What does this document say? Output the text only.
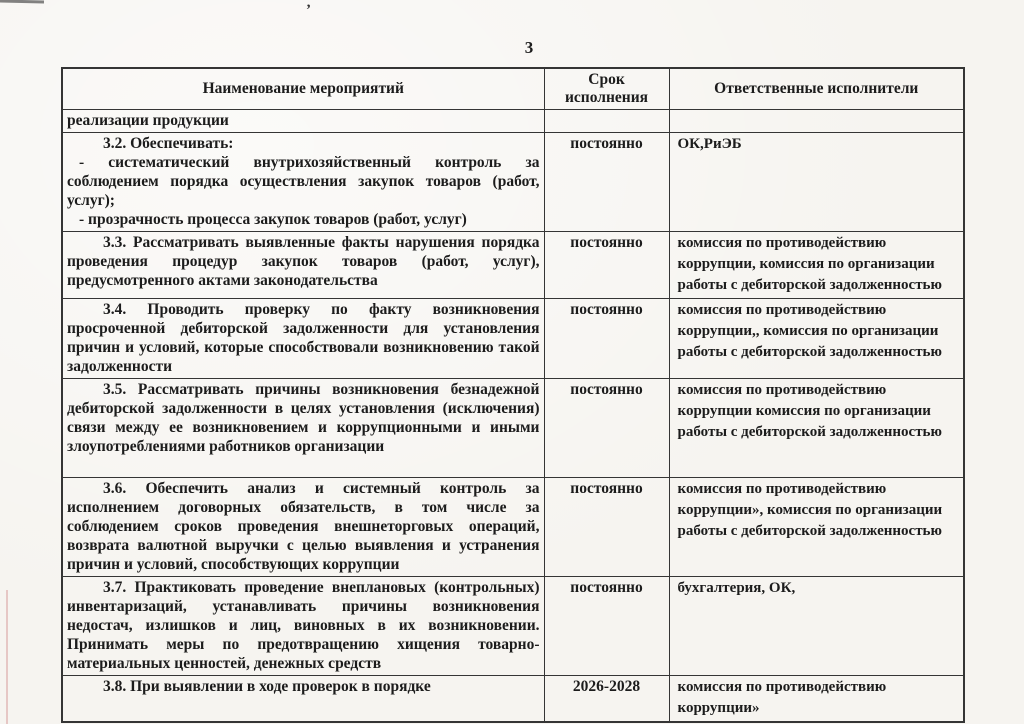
’
3
Наименование мероприятий	Срок исполнения	Ответственные исполнители

реализации продукции		

3.2. Обеспечивать:

- систематический внутрихозяйственный контроль за соблюдением порядка осуществления закупок товаров (работ, услуг);

- прозрачность процесса закупок товаров (работ, услуг)	постоянно	ОК,РиЭБ

3.3. Рассматривать выявленные факты нарушения порядка проведения процедур закупок товаров (работ, услуг), предусмотренного актами законодательства	постоянно	комиссия по противодействию коррупции, комиссия по организации работы с дебиторской задолженностью

3.4. Проводить проверку по факту возникновения просроченной дебиторской задолженности для установления причин и условий, которые способствовали возникновению такой задолженности	постоянно	комиссия по противодействию коррупции,, комиссия по организации работы с дебиторской задолженностью

3.5. Рассматривать причины возникновения безнадежной дебиторской задолженности в целях установления (исключения) связи между ее возникновением и коррупционными и иными злоупотреблениями работников организации	постоянно	комиссия по противодействию коррупции комиссия по организации работы с дебиторской задолженностью

3.6. Обеспечить анализ и системный контроль за исполнением договорных обязательств, в том числе за соблюдением сроков проведения внешнеторговых операций, возврата валютной выручки с целью выявления и устранения причин и условий, способствующих коррупции	постоянно	комиссия по противодействию коррупции», комиссия по организации работы с дебиторской задолженностью

3.7. Практиковать проведение внеплановых (контрольных) инвентаризаций, устанавливать причины возникновения недостач, излишков и лиц, виновных в их возникновении. Принимать меры по предотвращению хищения товарно-материальных ценностей, денежных средств	постоянно	бухгалтерия, ОК,

3.8. При выявлении в ходе проверок в порядке	2026-2028	комиссия по противодействию коррупции»
